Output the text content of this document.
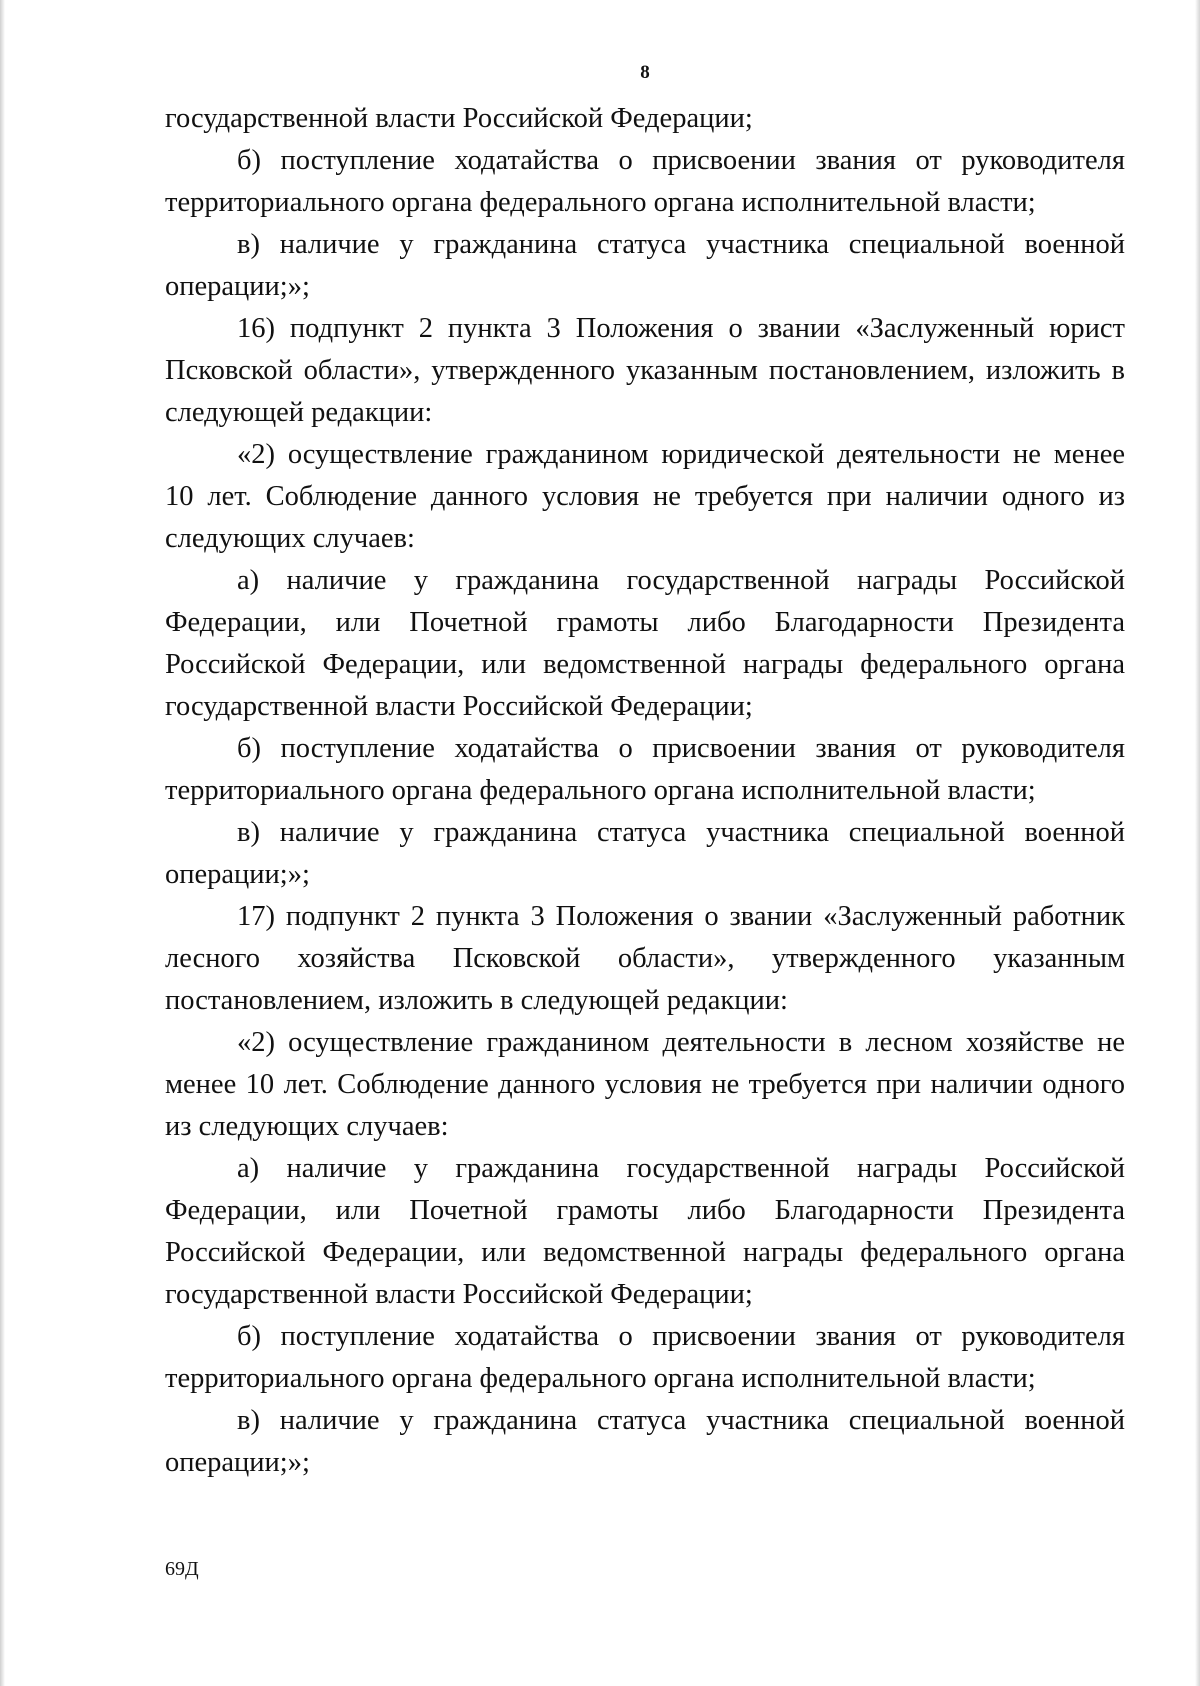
8

государственной власти Российской Федерации;

б) поступление ходатайства о присвоении звания от руководителя территориального органа федерального органа исполнительной власти;

в) наличие у гражданина статуса участника специальной военной операции;»;

16) подпункт 2 пункта 3 Положения о звании «Заслуженный юрист Псковской области», утвержденного указанным постановлением, изложить в следующей редакции:

«2) осуществление гражданином юридической деятельности не менее 10 лет. Соблюдение данного условия не требуется при наличии одного из следующих случаев:

а) наличие у гражданина государственной награды Российской Федерации, или Почетной грамоты либо Благодарности Президента Российской Федерации, или ведомственной награды федерального органа государственной власти Российской Федерации;

б) поступление ходатайства о присвоении звания от руководителя территориального органа федерального органа исполнительной власти;

в) наличие у гражданина статуса участника специальной военной операции;»;

17) подпункт 2 пункта 3 Положения о звании «Заслуженный работник лесного хозяйства Псковской области», утвержденного указанным постановлением, изложить в следующей редакции:

«2) осуществление гражданином деятельности в лесном хозяйстве не менее 10 лет. Соблюдение данного условия не требуется при наличии одного из следующих случаев:

а) наличие у гражданина государственной награды Российской Федерации, или Почетной грамоты либо Благодарности Президента Российской Федерации, или ведомственной награды федерального органа государственной власти Российской Федерации;

б) поступление ходатайства о присвоении звания от руководителя территориального органа федерального органа исполнительной власти;

в) наличие у гражданина статуса участника специальной военной операции;»;

69Д
